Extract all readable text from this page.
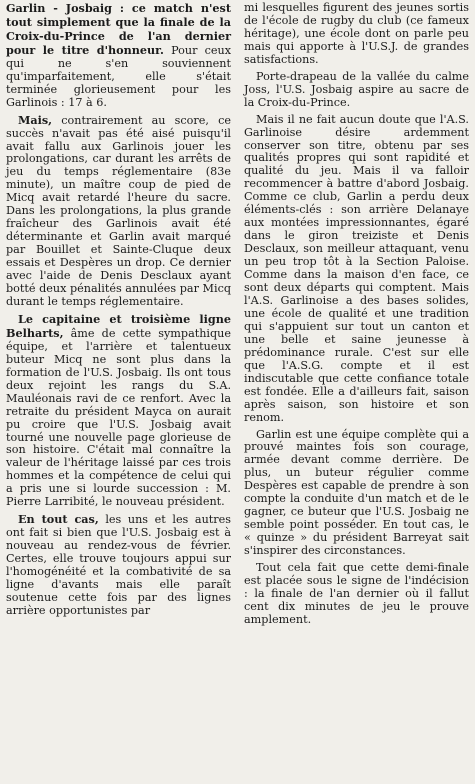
Garlin - Josbaig : ce match n'est tout simplement que la finale de la Croix-du-Prince de l'an dernier pour le titre d'honneur. Pour ceux qui ne s'en souviennent qu'imparfaitement, elle s'était terminée glorieusement pour les Garlinois : 17 à 6.

Mais, contrairement au score, ce succès n'avait pas été aisé puisqu'il avait fallu aux Garlinois jouer les prolongations, car durant les arrêts de jeu du temps réglementaire (83e minute), un maître coup de pied de Micq avait retardé l'heure du sacre. Dans les prolongations, la plus grande fraîcheur des Garlinois avait été déterminante et Garlin avait marqué par Bouillet et Sainte-Cluque deux essais et Despères un drop. Ce dernier avec l'aide de Denis Desclaux ayant botté deux pénalités annulées par Micq durant le temps réglementaire.

Le capitaine et troisième ligne Belharts, âme de cette sympathique équipe, et l'arrière et talentueux buteur Micq ne sont plus dans la formation de l'U.S. Josbaig. Ils ont tous deux rejoint les rangs du S.A. Mauléonais ravi de ce renfort. Avec la retraite du président Mayca on aurait pu croire que l'U.S. Josbaig avait tourné une nouvelle page glorieuse de son histoire. C'était mal connaître la valeur de l'héritage laissé par ces trois hommes et la compétence de celui qui a pris une si lourde succession : M. Pierre Larribité, le nouveau président.

En tout cas, les uns et les autres ont fait si bien que l'U.S. Josbaig est à nouveau au rendez-vous de février. Certes, elle trouve toujours appui sur l'homogénéité et la combativité de sa ligne d'avants mais elle paraît soutenue cette fois par des lignes arrière opportunistes par

mi lesquelles figurent des jeunes sortis de l'école de rugby du club (ce fameux héritage), une école dont on parle peu mais qui apporte à l'U.S.J. de grandes satisfactions.

Porte-drapeau de la vallée du calme Joss, l'U.S. Josbaig aspire au sacre de la Croix-du-Prince.

Mais il ne fait aucun doute que l'A.S. Garlinoise désire ardemment conserver son titre, obtenu par ses qualités propres qui sont rapidité et qualité du jeu. Mais il va falloir recommencer à battre d'abord Josbaig. Comme ce club, Garlin a perdu deux éléments-clés : son arrière Delanaye aux montées impressionnantes, égaré dans le giron treiziste et Denis Desclaux, son meilleur attaquant, venu un peu trop tôt à la Section Paloise. Comme dans la maison d'en face, ce sont deux départs qui comptent. Mais l'A.S. Garlinoise a des bases solides, une école de qualité et une tradition qui s'appuient sur tout un canton et une belle et saine jeunesse à prédominance rurale. C'est sur elle que l'A.S.G. compte et il est indiscutable que cette confiance totale est fondée. Elle a d'ailleurs fait, saison après saison, son histoire et son renom.

Garlin est une équipe complète qui a prouvé maintes fois son courage, armée devant comme derrière. De plus, un buteur régulier comme Despères est capable de prendre à son compte la conduite d'un match et de le gagner, ce buteur que l'U.S. Josbaig ne semble point posséder. En tout cas, le « quinze » du président Barreyat sait s'inspirer des circonstances.

Tout cela fait que cette demi-finale est placée sous le signe de l'indécision : la finale de l'an dernier où il fallut cent dix minutes de jeu le prouve amplement.
